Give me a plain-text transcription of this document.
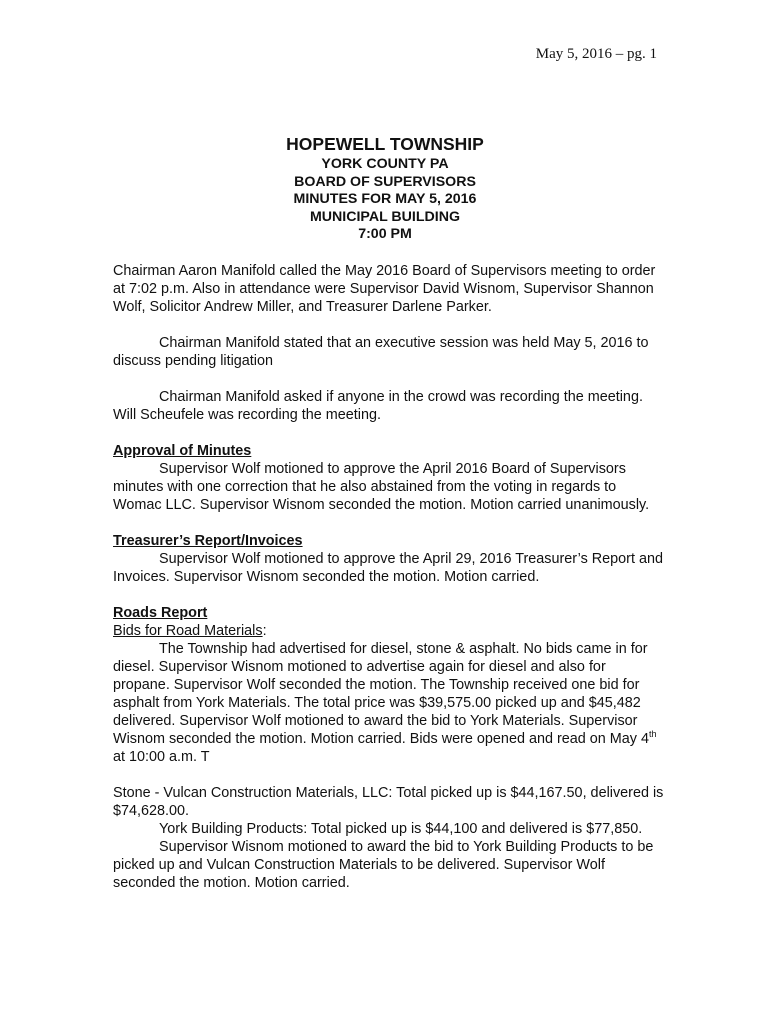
May 5, 2016 – pg. 1
HOPEWELL TOWNSHIP
YORK COUNTY PA
BOARD OF SUPERVISORS
MINUTES FOR MAY 5, 2016
MUNICIPAL BUILDING
7:00 PM

Chairman Aaron Manifold called the May 2016 Board of Supervisors meeting to order at 7:02 p.m. Also in attendance were Supervisor David Wisnom, Supervisor Shannon Wolf, Solicitor Andrew Miller, and Treasurer Darlene Parker.

Chairman Manifold stated that an executive session was held May 5, 2016 to discuss pending litigation

Chairman Manifold asked if anyone in the crowd was recording the meeting. Will Scheufele was recording the meeting.

Approval of Minutes

Supervisor Wolf motioned to approve the April 2016 Board of Supervisors minutes with one correction that he also abstained from the voting in regards to Womac LLC. Supervisor Wisnom seconded the motion. Motion carried unanimously.

Treasurer’s Report/Invoices

Supervisor Wolf motioned to approve the April 29, 2016 Treasurer’s Report and Invoices. Supervisor Wisnom seconded the motion. Motion carried.

Roads Report

Bids for Road Materials:

The Township had advertised for diesel, stone & asphalt. No bids came in for diesel. Supervisor Wisnom motioned to advertise again for diesel and also for propane. Supervisor Wolf seconded the motion. The Township received one bid for asphalt from York Materials. The total price was $39,575.00 picked up and $45,482 delivered. Supervisor Wolf motioned to award the bid to York Materials. Supervisor Wisnom seconded the motion. Motion carried. Bids were opened and read on May 4th at 10:00 a.m. T

Stone - Vulcan Construction Materials, LLC: Total picked up is $44,167.50, delivered is $74,628.00.

York Building Products: Total picked up is $44,100 and delivered is $77,850.

Supervisor Wisnom motioned to award the bid to York Building Products to be picked up and Vulcan Construction Materials to be delivered. Supervisor Wolf seconded the motion. Motion carried.
